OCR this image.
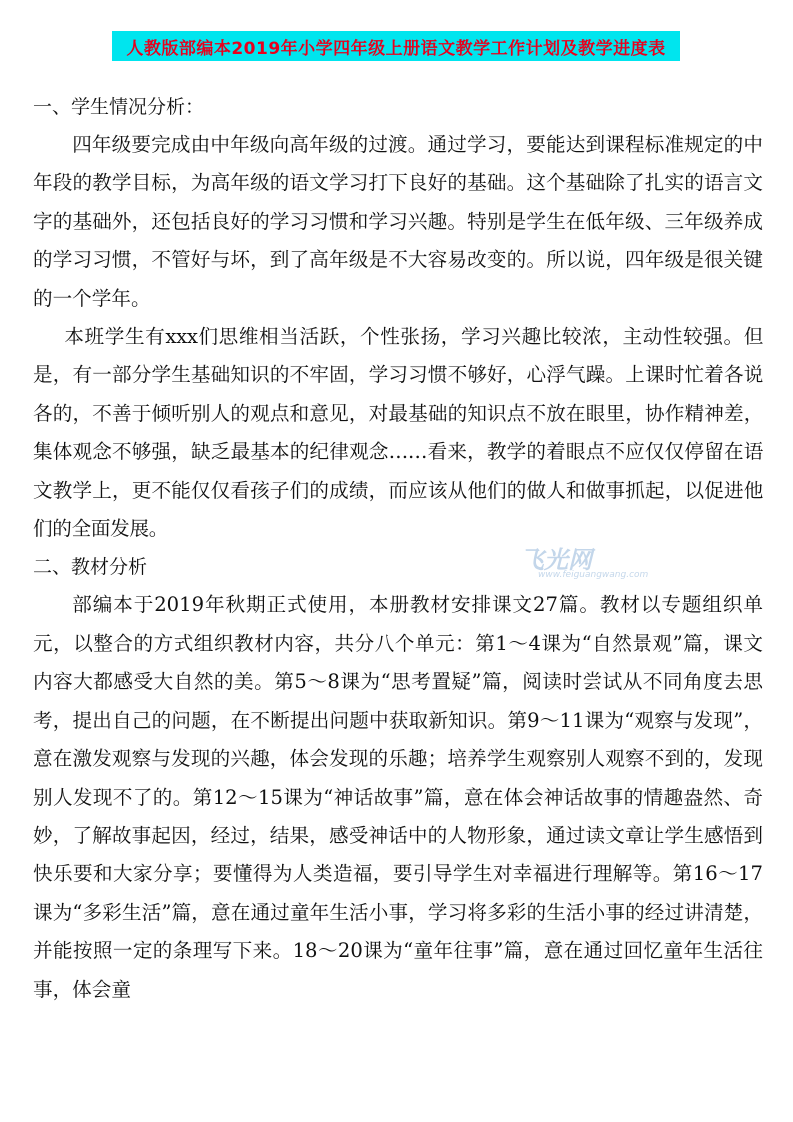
人教版部编本2019年小学四年级上册语文教学工作计划及教学进度表

一、学生情况分析：

四年级要完成由中年级向高年级的过渡。通过学习，要能达到课程标准规定的中年段的教学目标，为高年级的语文学习打下良好的基础。这个基础除了扎实的语言文字的基础外，还包括良好的学习习惯和学习兴趣。特别是学生在低年级、三年级养成的学习习惯，不管好与坏，到了高年级是不大容易改变的。所以说，四年级是很关键的一个学年。

本班学生有xxx们思维相当活跃，个性张扬，学习兴趣比较浓，主动性较强。但是，有一部分学生基础知识的不牢固，学习习惯不够好，心浮气躁。上课时忙着各说各的，不善于倾听别人的观点和意见，对最基础的知识点不放在眼里，协作精神差，集体观念不够强，缺乏最基本的纪律观念……看来，教学的着眼点不应仅仅停留在语文教学上，更不能仅仅看孩子们的成绩，而应该从他们的做人和做事抓起，以促进他们的全面发展。

二、教材分析

部编本于2019年秋期正式使用，本册教材安排课文27篇。教材以专题组织单元，以整合的方式组织教材内容，共分八个单元：第1～4课为“自然景观”篇，课文内容大都感受大自然的美。第5～8课为“思考置疑”篇，阅读时尝试从不同角度去思考，提出自己的问题，在不断提出问题中获取新知识。第9～11课为“观察与发现”，意在激发观察与发现的兴趣，体会发现的乐趣；培养学生观察别人观察不到的，发现别人发现不了的。第12～15课为“神话故事”篇，意在体会神话故事的情趣盎然、奇妙，了解故事起因，经过，结果，感受神话中的人物形象，通过读文章让学生感悟到快乐要和大家分享；要懂得为人类造福，要引导学生对幸福进行理解等。第16～17课为“多彩生活”篇，意在通过童年生活小事，学习将多彩的生活小事的经过讲清楚，并能按照一定的条理写下来。18～20课为“童年往事”篇，意在通过回忆童年生活往事，体会童

飞光网
www.feiguangwang.com
